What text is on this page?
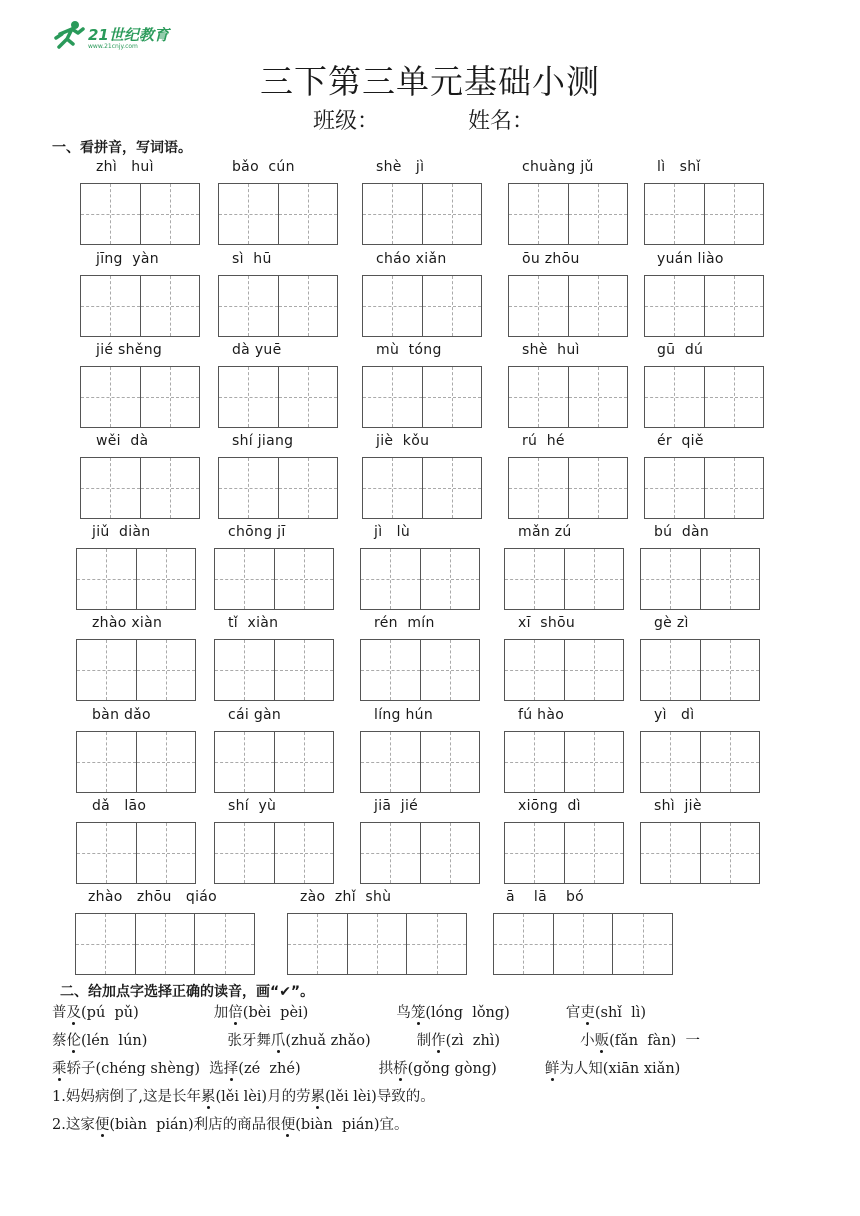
21世纪教育
www.21cnjy.com
三下第三单元基础小测
班级：	姓名：
一、看拼音，写词语。
zhì   huì	bǎo  cún	shè   jì	chuàng jǔ	lì   shǐ
jīng  yàn	sì  hū	cháo xiǎn	ōu zhōu	yuán liào
jié shěng	dà yuē	mù  tóng	shè  huì	gū  dú
wěi  dà	shí jiang	jiè  kǒu	rú  hé	ér  qiě
jiǔ  diàn	chōng jī	jì   lù	mǎn zú	bú  dàn
zhào xiàn	tǐ  xiàn	rén  mín	xī  shōu	gè zì
bàn dǎo	cái gàn	líng hún	fú hào	yì   dì
dǎ   lāo	shí  yù	jiā  jié	xiōng  dì	shì  jiè
zhào   zhōu   qiáo	zào  zhǐ  shù	ā    lā    bó
二、给加点字选择正确的读音，画“✔”。
普及(pú  pǔ)	加倍(bèi  pèi)	鸟笼(lóng  lǒng)	官吏(shǐ  lì)
蔡伦(lén  lún)	张牙舞爪(zhuǎ zhǎo)	制作(zì  zhì)	小贩(fǎn  fàn)  一
乘轿子(chéng shèng)  选择(zé  zhé)	拱桥(gǒng gòng)	鲜为人知(xiān xiǎn)
1.妈妈病倒了,这是长年累(lěi lèi)月的劳累(lěi lèi)导致的。
2.这家便(biàn  pián)利店的商品很便(biàn  pián)宜。
